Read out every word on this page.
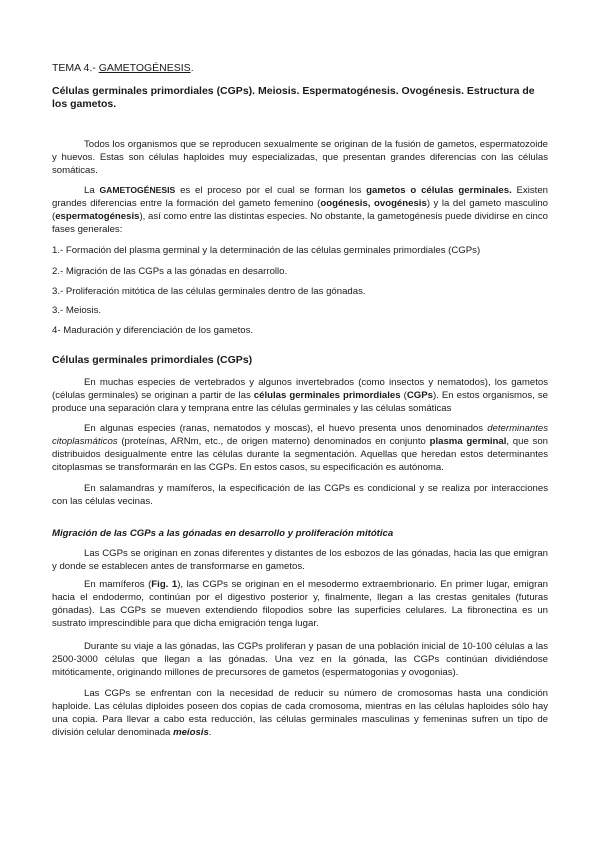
TEMA 4.- GAMETOGÉNESIS.
Células germinales primordiales (CGPs). Meiosis. Espermatogénesis. Ovogénesis. Estructura de los gametos.
Todos los organismos que se reproducen sexualmente se originan de la fusión de gametos, espermatozoide y huevos. Estas son células haploides muy especializadas, que presentan grandes diferencias con las células somáticas.
La GAMETOGÉNESIS es el proceso por el cual se forman los gametos o células germinales. Existen grandes diferencias entre la formación del gameto femenino (oogénesis, ovogénesis) y la del gameto masculino (espermatogénesis), así como entre las distintas especies. No obstante, la gametogénesis puede dividirse en cinco fases generales:
1.- Formación del plasma germinal y la determinación de las células germinales primordiales (CGPs)
2.- Migración de las CGPs a las gónadas en desarrollo.
3.- Proliferación mitótica de las células germinales dentro de las gónadas.
3.- Meiosis.
4- Maduración y diferenciación de los gametos.
Células germinales primordiales (CGPs)
En muchas especies de vertebrados y algunos invertebrados (como insectos y nematodos), los gametos (células germinales) se originan a partir de las células germinales primordiales (CGPs). En estos organismos, se produce una separación clara y temprana entre las células germinales y las células somáticas
En algunas especies (ranas, nematodos y moscas), el huevo presenta unos denominados determinantes citoplasmáticos (proteínas, ARNm, etc., de origen materno) denominados en conjunto plasma germinal, que son distribuidos desigualmente entre las células durante la segmentación. Aquellas que heredan estos determinantes citoplasmas se transformarán en las CGPs. En estos casos, su especificación es autónoma.
En salamandras y mamíferos, la especificación de las CGPs es condicional y se realiza por interacciones con las células vecinas.
Migración de las CGPs a las gónadas en desarrollo y proliferación mitótica
Las CGPs se originan en zonas diferentes y distantes de los esbozos de las gónadas, hacia las que emigran y donde se establecen antes de transformarse en gametos.
En mamíferos (Fig. 1), las CGPs se originan en el mesodermo extraembrionario. En primer lugar, emigran hacia el endodermo, continúan por el digestivo posterior y, finalmente, llegan a las crestas genitales (futuras gónadas). Las CGPs se mueven extendiendo filopodios sobre las superficies celulares. La fibronectina es un sustrato imprescindible para que dicha emigración tenga lugar.
Durante su viaje a las gónadas, las CGPs proliferan y pasan de una población inicial de 10-100 células a las 2500-3000 células que llegan a las gónadas. Una vez en la gónada, las CGPs continúan dividiéndose mitóticamente, originando millones de precursores de gametos (espermatogonias y ovogonias).
Las CGPs se enfrentan con la necesidad de reducir su número de cromosomas hasta una condición haploide. Las células diploides poseen dos copias de cada cromosoma, mientras en las células haploides sólo hay una copia. Para llevar a cabo esta reducción, las células germinales masculinas y femeninas sufren un tipo de división celular denominada meiosis.
